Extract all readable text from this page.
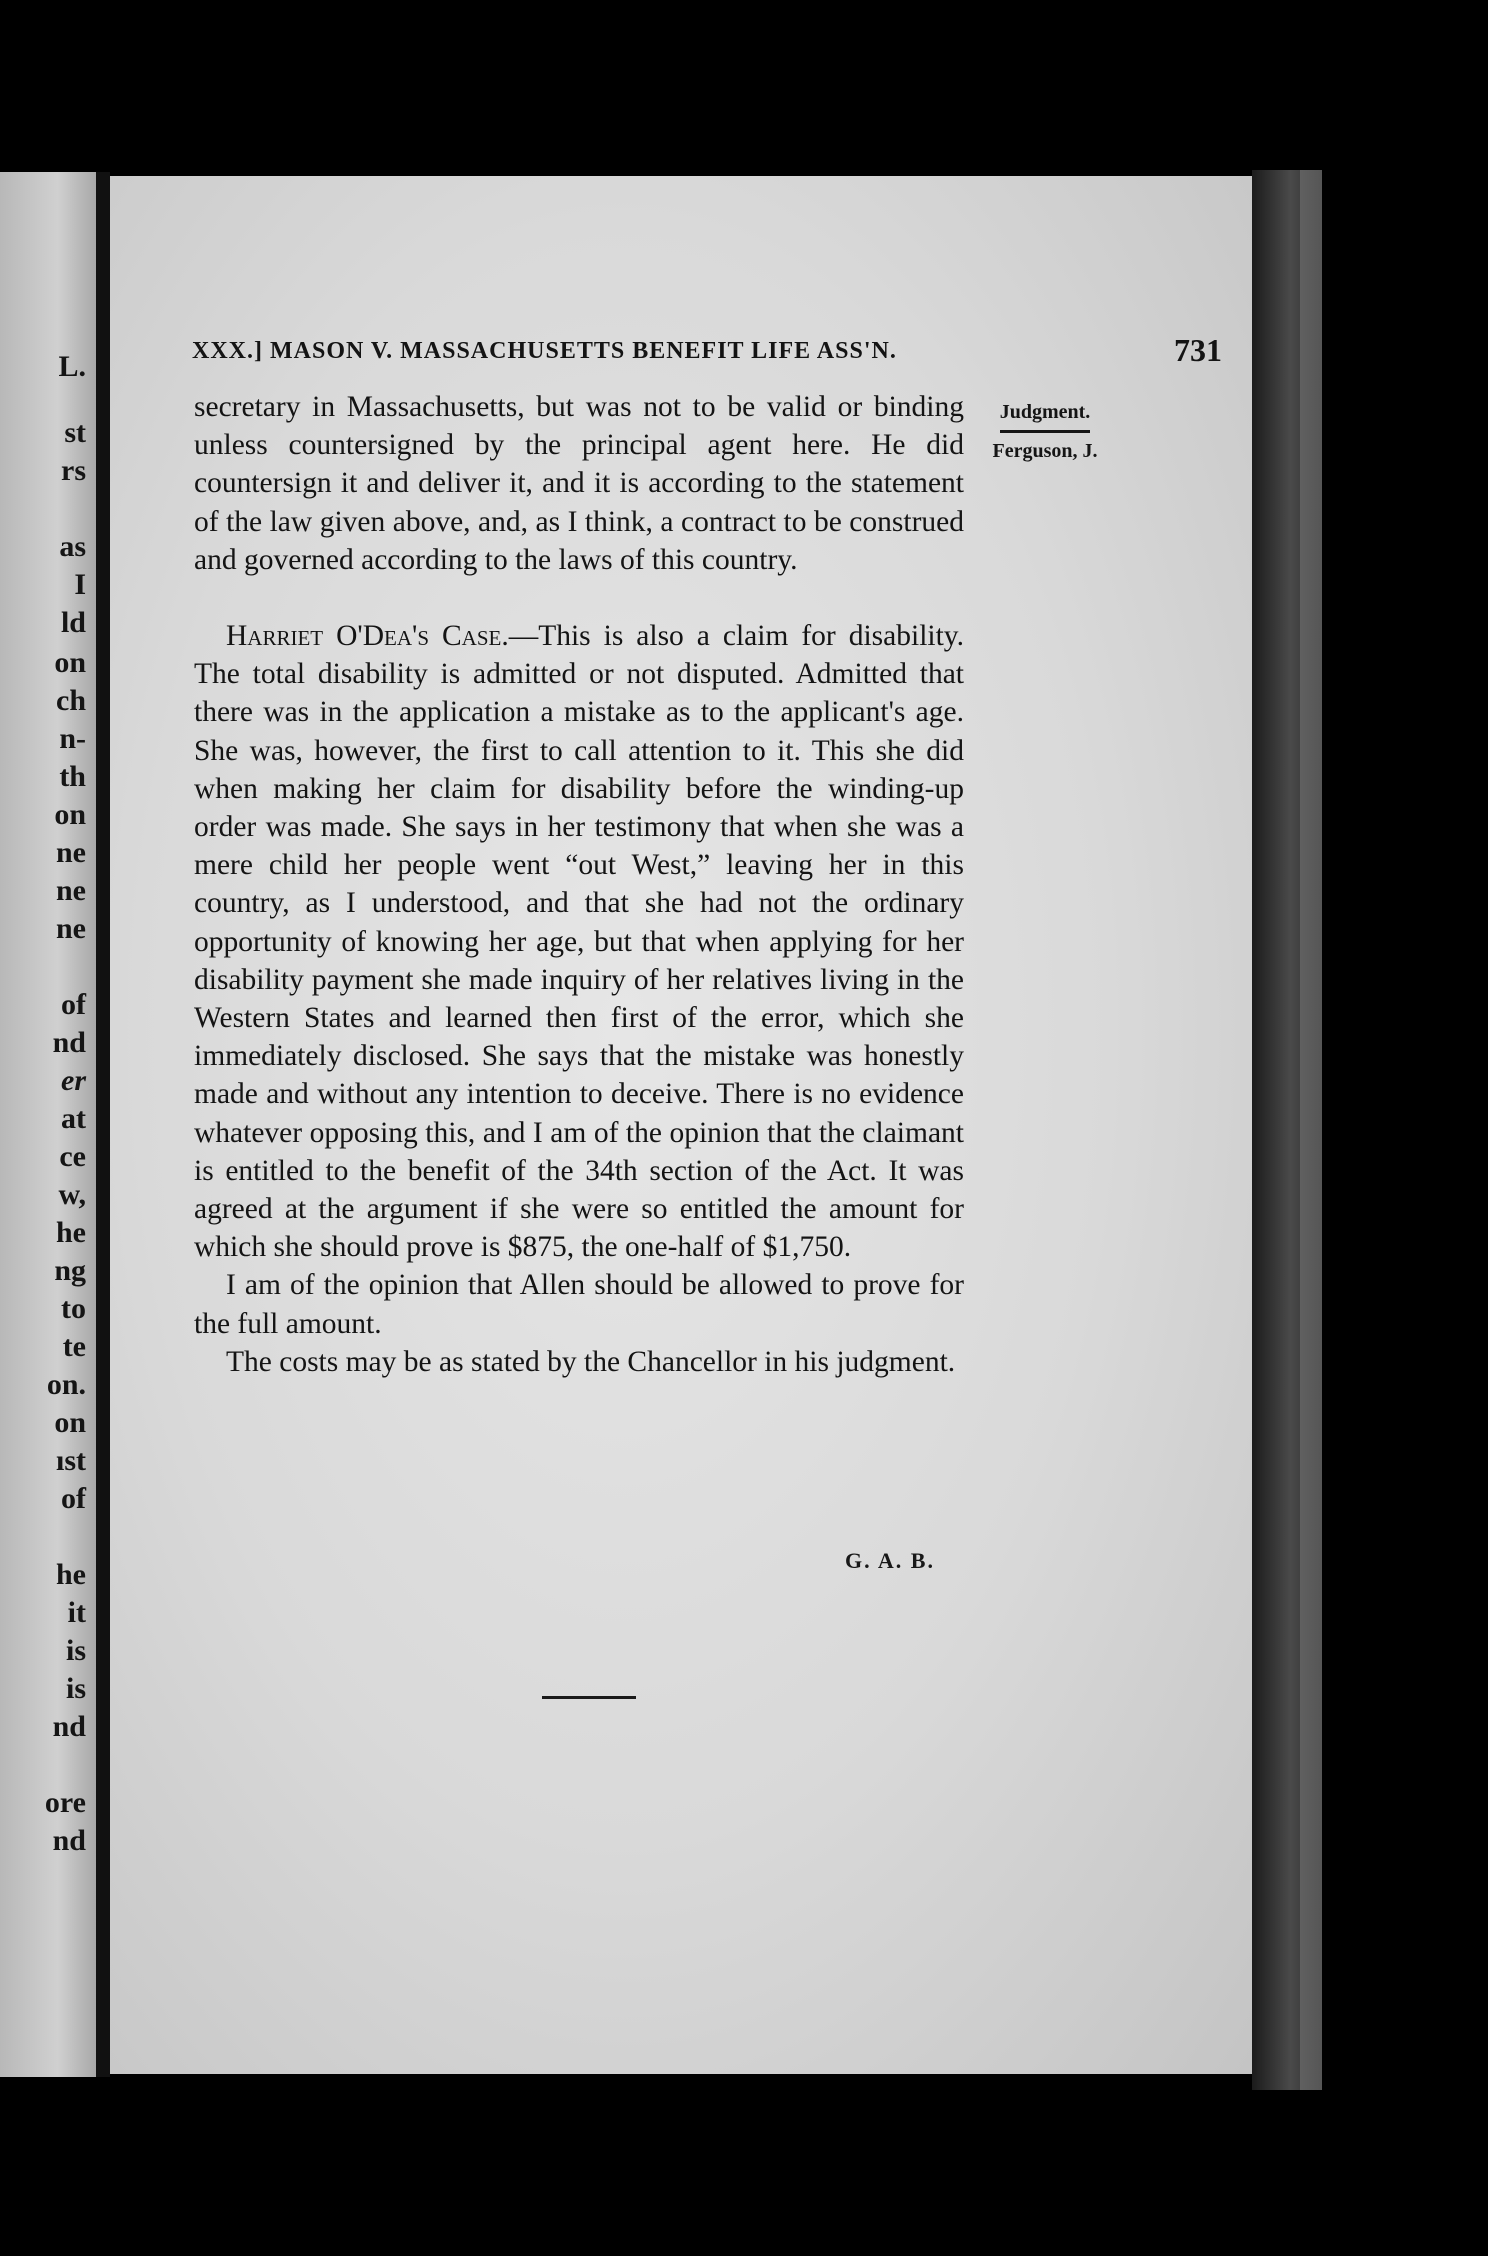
L.
st
rs
as
I
ld
on
ch
n-
th
on
ne
ne
ne
of
nd
er
at
ce
w,
he
ng
to
te
on.
on
ıst
of
he
it
is
is
nd
ore
nd
XXX.] MASON V. MASSACHUSETTS BENEFIT LIFE ASS'N.	731
Judgment.
Ferguson, J.

secretary in Massachusetts, but was not to be valid or binding unless countersigned by the principal agent here. He did countersign it and deliver it, and it is according to the statement of the law given above, and, as I think, a contract to be construed and governed according to the laws of this country.

Harriet O'Dea's Case.—This is also a claim for disability. The total disability is admitted or not disputed. Admitted that there was in the application a mistake as to the applicant's age. She was, however, the first to call attention to it. This she did when making her claim for disability before the winding-up order was made. She says in her testimony that when she was a mere child her people went “out West,” leaving her in this country, as I understood, and that she had not the ordinary opportunity of knowing her age, but that when applying for her disability payment she made inquiry of her relatives living in the Western States and learned then first of the error, which she immediately disclosed. She says that the mistake was honestly made and without any intention to deceive. There is no evidence whatever opposing this, and I am of the opinion that the claimant is entitled to the benefit of the 34th section of the Act. It was agreed at the argument if she were so entitled the amount for which she should prove is $875, the one-half of $1,750.

I am of the opinion that Allen should be allowed to prove for the full amount.

The costs may be as stated by the Chancellor in his judgment.

G. A. B.
